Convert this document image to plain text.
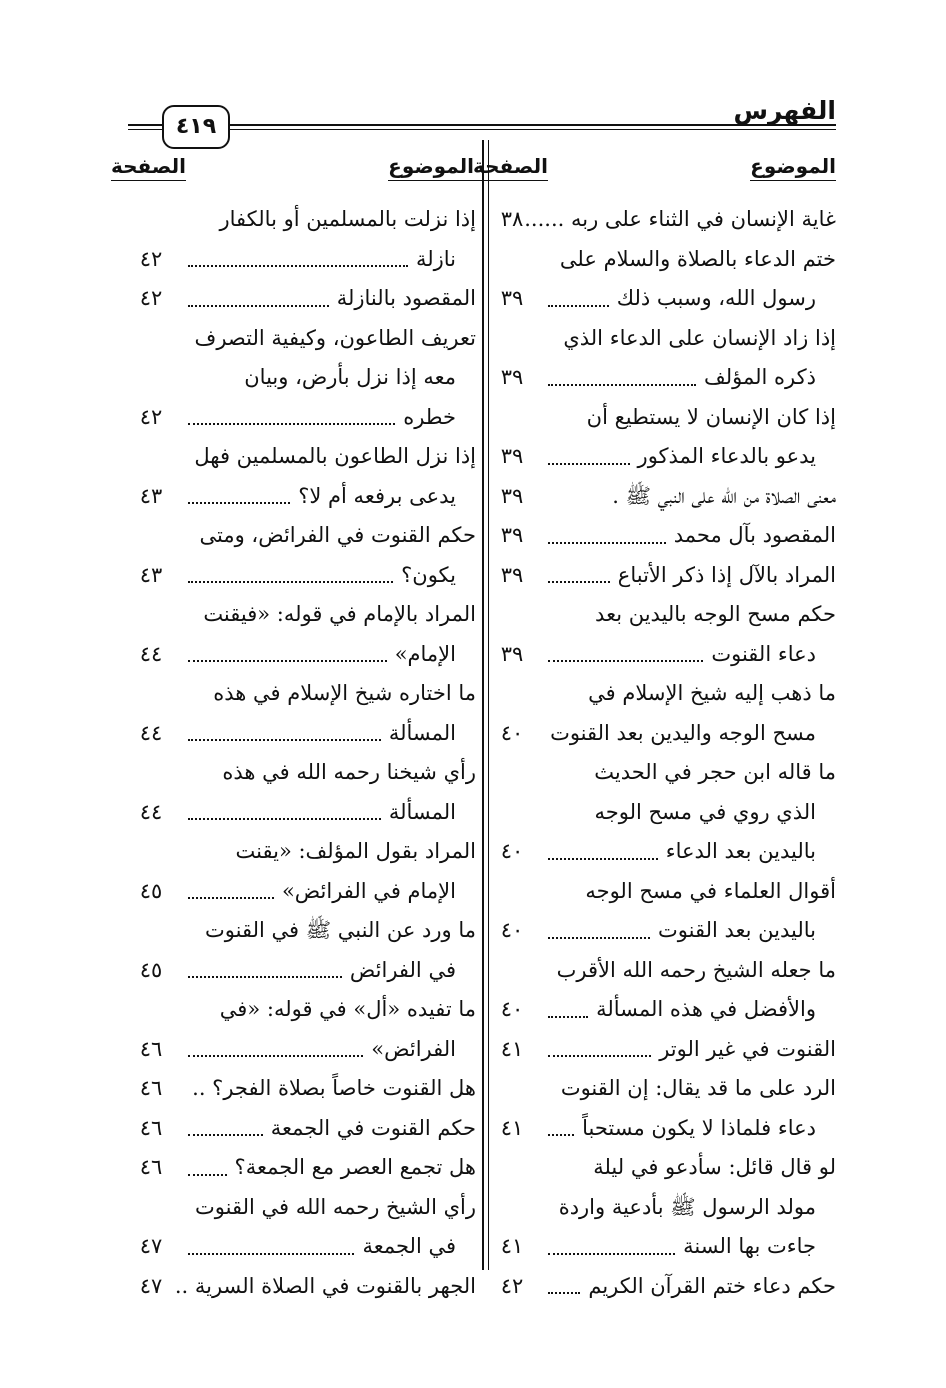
الفهرس
٤١٩
الموضوع
الصفحة
الموضوع
الصفحة
غاية الإنسان في الثناء على ربه ......
٣٨
ختم الدعاء بالصلاة والسلام على
رسول الله، وسبب ذلك
٣٩
إذا زاد الإنسان على الدعاء الذي
ذكره المؤلف
٣٩
إذا كان الإنسان لا يستطيع أن
يدعو بالدعاء المذكور
٣٩
معنى الصلاة من الله على النبي ﷺ .
٣٩
المقصود بآل محمد
٣٩
المراد بالآل إذا ذكر الأتباع
٣٩
حكم مسح الوجه باليدين بعد
دعاء القنوت
٣٩
ما ذهب إليه شيخ الإسلام في
مسح الوجه واليدين بعد القنوت
٤٠
ما قاله ابن حجر في الحديث
الذي روي في مسح الوجه
باليدين بعد الدعاء
٤٠
أقوال العلماء في مسح الوجه
باليدين بعد القنوت
٤٠
ما جعله الشيخ رحمه الله الأقرب
والأفضل في هذه المسألة
٤٠
القنوت في غير الوتر
٤١
الرد على ما قد يقال: إن القنوت
دعاء فلماذا لا يكون مستحباً
٤١
لو قال قائل: سأدعو في ليلة
مولد الرسول ﷺ بأدعية واردة
جاءت بها السنة
٤١
حكم دعاء ختم القرآن الكريم
٤٢
إذا نزلت بالمسلمين أو بالكفار
نازلة
٤٢
المقصود بالنازلة
٤٢
تعريف الطاعون، وكيفية التصرف
معه إذا نزل بأرض، وبيان
خطره
٤٢
إذا نزل الطاعون بالمسلمين فهل
يدعى برفعه أم لا؟
٤٣
حكم القنوت في الفرائض، ومتى
يكون؟
٤٣
المراد بالإمام في قوله: «فيقنت
الإمام»
٤٤
ما اختاره شيخ الإسلام في هذه
المسألة
٤٤
رأي شيخنا رحمه الله في هذه
المسألة
٤٤
المراد بقول المؤلف: «يقنت
الإمام في الفرائض»
٤٥
ما ورد عن النبي ﷺ في القنوت
في الفرائض
٤٥
ما تفيده «أل» في قوله: «في
الفرائض»
٤٦
هل القنوت خاصاً بصلاة الفجر؟ ..
٤٦
حكم القنوت في الجمعة
٤٦
هل تجمع العصر مع الجمعة؟
٤٦
رأي الشيخ رحمه الله في القنوت
في الجمعة
٤٧
الجهر بالقنوت في الصلاة السرية ..
٤٧
